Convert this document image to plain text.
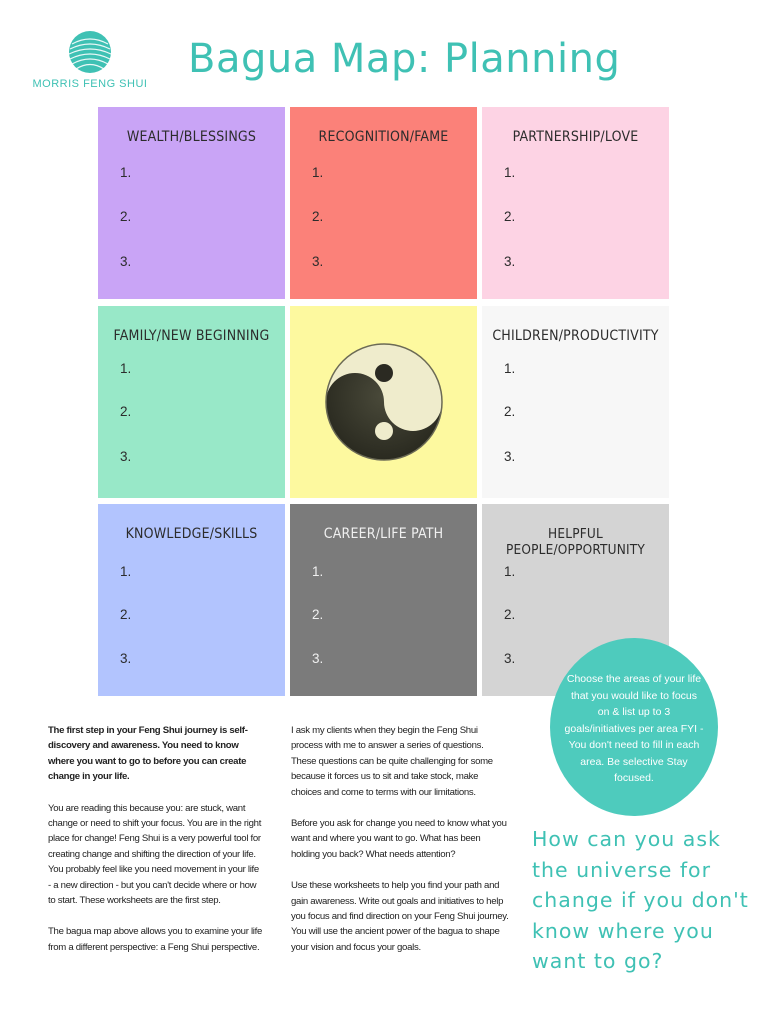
MORRIS FENG SHUI
Bagua Map: Planning
WEALTH/BLESSINGS
1.
2.
3.
RECOGNITION/FAME
1.
2.
3.
PARTNERSHIP/LOVE
1.
2.
3.
FAMILY/NEW BEGINNING
1.
2.
3.
CHILDREN/PRODUCTIVITY
1.
2.
3.
KNOWLEDGE/SKILLS
1.
2.
3.
CAREER/LIFE PATH
1.
2.
3.
HELPFUL PEOPLE/OPPORTUNITY
1.
2.
3.

The first step in your Feng Shui journey is self-discovery and awareness. You need to know where you want to go to before you can create change in your life.

You are reading this because you: are stuck, want change or need to shift your focus. You are in the right place for change! Feng Shui is a very powerful tool for creating change and shifting the direction of your life. You probably feel like you need movement in your life - a new direction - but you can't decide where or how to start. These worksheets are the first step.

The bagua map above allows you to examine your life from a different perspective: a Feng Shui perspective.

I ask my clients when they begin the Feng Shui process with me to answer a series of questions. These questions can be quite challenging for some because it forces us to sit and take stock, make choices and come to terms with our limitations.

Before you ask for change you need to know what you want and where you want to go. What has been holding you back? What needs attention?

Use these worksheets to help you find your path and gain awareness. Write out goals and initiatives to help you focus and find direction on your Feng Shui journey. You will use the ancient power of the bagua to shape your vision and focus your goals.

Choose the areas of your life that you would like to focus on & list up to 3 goals/initiatives per area FYI - You don't need to fill in each area. Be selective Stay focused.
How can you ask the universe for change if you don't know where you want to go?
